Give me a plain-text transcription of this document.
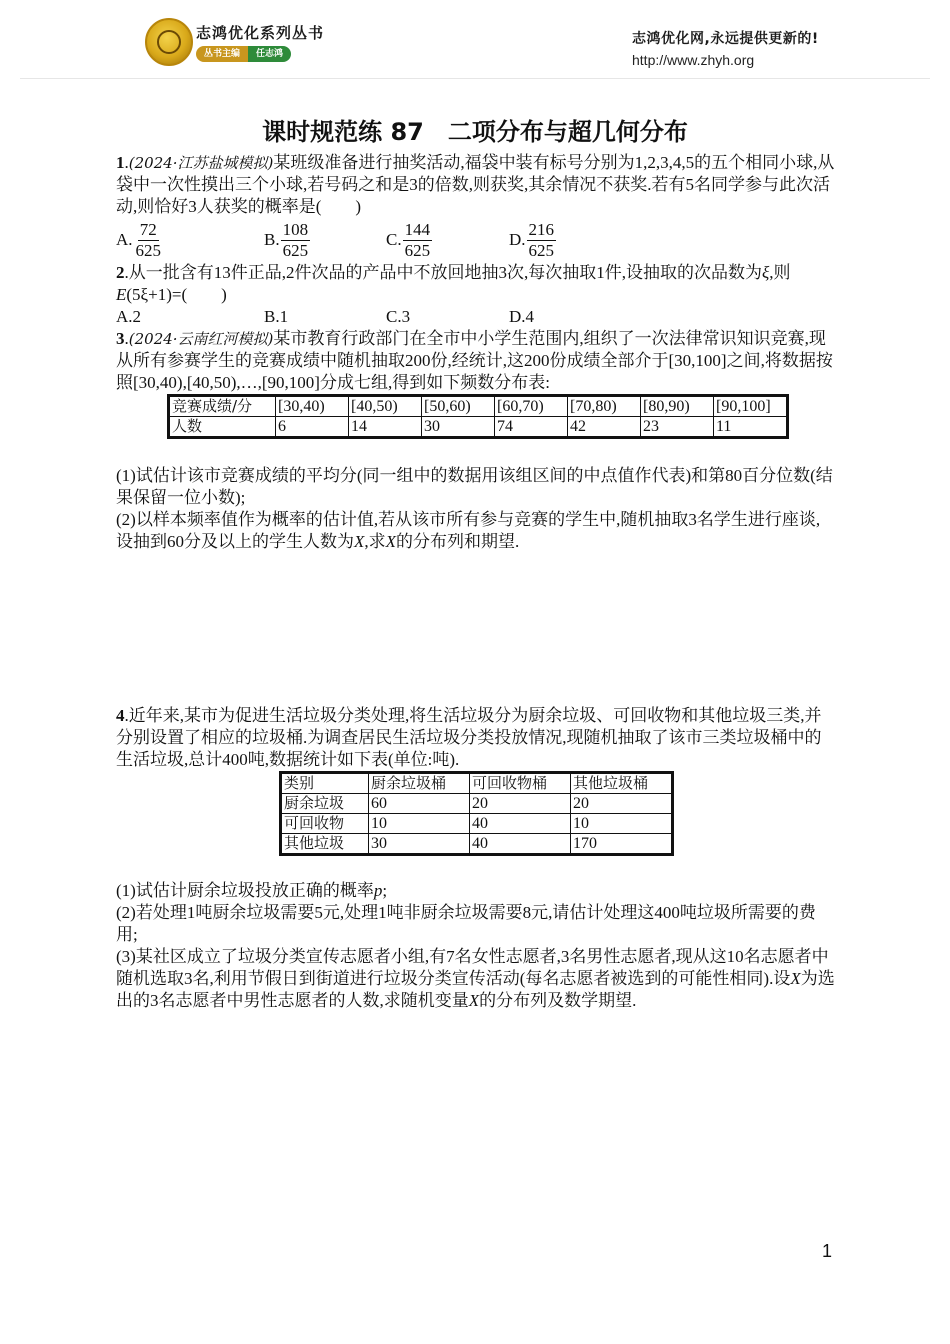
志鸿优化系列丛书
丛书主编	任志鸿
志鸿优化网,永远提供更新的!
http://www.zhyh.org
课时规范练 87　二项分布与超几何分布

1.(2024·江苏盐城模拟)某班级准备进行抽奖活动,福袋中装有标号分别为1,2,3,4,5的五个相同小球,从袋中一次性摸出三个小球,若号码之和是3的倍数,则获奖,其余情况不获奖.若有5名同学参与此次活动,则恰好3人获奖的概率是(　　)

A. $\frac{72}{625}$	B. $\frac{108}{625}$	C. $\frac{144}{625}$	D. $\frac{216}{625}$

2.从一批含有13件正品,2件次品的产品中不放回地抽3次,每次抽取1件,设抽取的次品数为ξ,则E(5ξ+1)=(　　)

A.2	B.1	C.3	D.4

3.(2024·云南红河模拟)某市教育行政部门在全市中小学生范围内,组织了一次法律常识知识竞赛,现从所有参赛学生的竞赛成绩中随机抽取200份,经统计,这200份成绩全部介于[30,100]之间,将数据按照[30,40),[40,50),…,[90,100]分成七组,得到如下频数分布表:

竞赛成绩/分	[30,40)	[40,50)	[50,60)	[60,70)	[70,80)	[80,90)	[90,100]
人数	6	14	30	74	42	23	11

(1)试估计该市竞赛成绩的平均分(同一组中的数据用该组区间的中点值作代表)和第80百分位数(结果保留一位小数);

(2)以样本频率值作为概率的估计值,若从该市所有参与竞赛的学生中,随机抽取3名学生进行座谈,设抽到60分及以上的学生人数为X,求X的分布列和期望.

4.近年来,某市为促进生活垃圾分类处理,将生活垃圾分为厨余垃圾、可回收物和其他垃圾三类,并分别设置了相应的垃圾桶.为调查居民生活垃圾分类投放情况,现随机抽取了该市三类垃圾桶中的生活垃圾,总计400吨,数据统计如下表(单位:吨).

类别	厨余垃圾桶	可回收物桶	其他垃圾桶
厨余垃圾	60	20	20
可回收物	10	40	10
其他垃圾	30	40	170

(1)试估计厨余垃圾投放正确的概率p;

(2)若处理1吨厨余垃圾需要5元,处理1吨非厨余垃圾需要8元,请估计处理这400吨垃圾所需要的费用;

(3)某社区成立了垃圾分类宣传志愿者小组,有7名女性志愿者,3名男性志愿者,现从这10名志愿者中随机选取3名,利用节假日到街道进行垃圾分类宣传活动(每名志愿者被选到的可能性相同).设X为选出的3名志愿者中男性志愿者的人数,求随机变量X的分布列及数学期望.

1
